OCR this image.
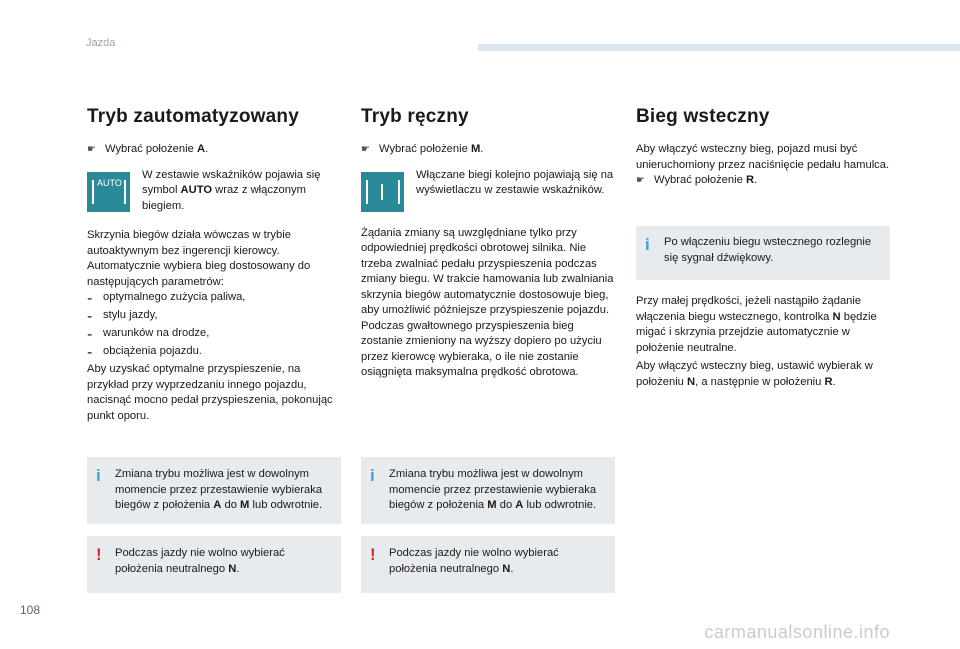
Jazda
Tryb zautomatyzowany
☛ Wybrać położenie A.
AUTO
W zestawie wskaźników pojawia się symbol AUTO wraz z włączonym biegiem.

Skrzynia biegów działa wówczas w trybie autoaktywnym bez ingerencji kierowcy. Automatycznie wybiera bieg dostosowany do następujących parametrów:

- optymalnego zużycia paliwa,

- stylu jazdy,

- warunków na drodze,

- obciążenia pojazdu.

Aby uzyskać optymalne przyspieszenie, na przykład przy wyprzedzaniu innego pojazdu, nacisnąć mocno pedał przyspieszenia, pokonując punkt oporu.

i Zmiana trybu możliwa jest w dowolnym momencie przez przestawienie wybieraka biegów z położenia A do M lub odwrotnie.
! Podczas jazdy nie wolno wybierać położenia neutralnego N.
Tryb ręczny
☛ Wybrać położenie M.
Włączane biegi kolejno pojawiają się na wyświetlaczu w zestawie wskaźników.

Żądania zmiany są uwzględniane tylko przy odpowiedniej prędkości obrotowej silnika. Nie trzeba zwalniać pedału przyspieszenia podczas zmiany biegu. W trakcie hamowania lub zwalniania skrzynia biegów automatycznie dostosowuje bieg, aby umożliwić późniejsze przyspieszenie pojazdu. Podczas gwałtownego przyspieszenia bieg zostanie zmieniony na wyższy dopiero po użyciu przez kierowcę wybieraka, o ile nie zostanie osiągnięta maksymalna prędkość obrotowa.

i Zmiana trybu możliwa jest w dowolnym momencie przez przestawienie wybieraka biegów z położenia M do A lub odwrotnie.
! Podczas jazdy nie wolno wybierać położenia neutralnego N.
Bieg wsteczny

Aby włączyć wsteczny bieg, pojazd musi być unieruchomiony przez naciśnięcie pedału hamulca.

☛ Wybrać położenie R.
i Po włączeniu biegu wstecznego rozlegnie się sygnał dźwiękowy.

Przy małej prędkości, jeżeli nastąpiło żądanie włączenia biegu wstecznego, kontrolka N będzie migać i skrzynia przejdzie automatycznie w położenie neutralne.

Aby włączyć wsteczny bieg, ustawić wybierak w położeniu N, a następnie w położeniu R.

108
carmanualsonline.info
